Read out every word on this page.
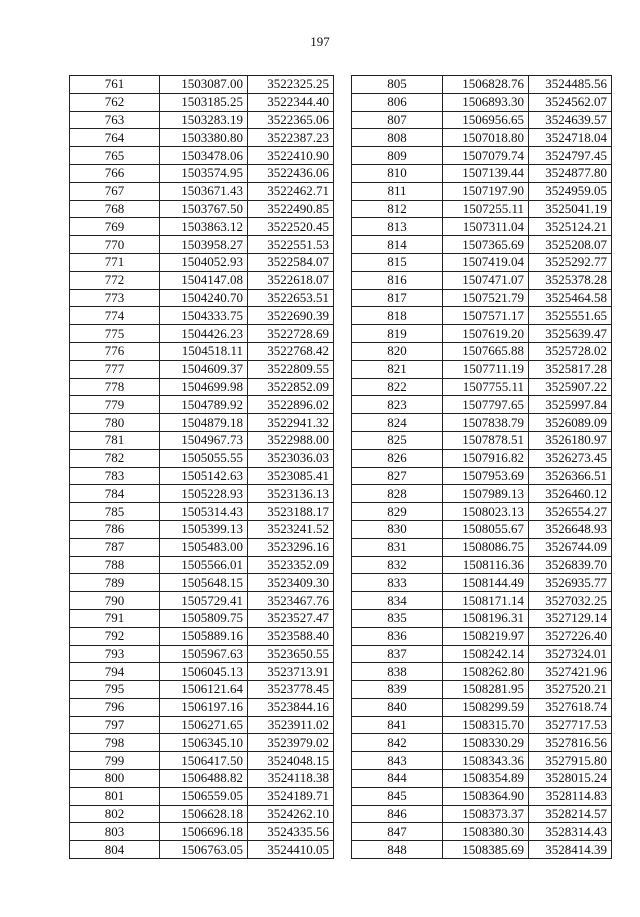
197
761	1503087.00	3522325.25
762	1503185.25	3522344.40
763	1503283.19	3522365.06
764	1503380.80	3522387.23
765	1503478.06	3522410.90
766	1503574.95	3522436.06
767	1503671.43	3522462.71
768	1503767.50	3522490.85
769	1503863.12	3522520.45
770	1503958.27	3522551.53
771	1504052.93	3522584.07
772	1504147.08	3522618.07
773	1504240.70	3522653.51
774	1504333.75	3522690.39
775	1504426.23	3522728.69
776	1504518.11	3522768.42
777	1504609.37	3522809.55
778	1504699.98	3522852.09
779	1504789.92	3522896.02
780	1504879.18	3522941.32
781	1504967.73	3522988.00
782	1505055.55	3523036.03
783	1505142.63	3523085.41
784	1505228.93	3523136.13
785	1505314.43	3523188.17
786	1505399.13	3523241.52
787	1505483.00	3523296.16
788	1505566.01	3523352.09
789	1505648.15	3523409.30
790	1505729.41	3523467.76
791	1505809.75	3523527.47
792	1505889.16	3523588.40
793	1505967.63	3523650.55
794	1506045.13	3523713.91
795	1506121.64	3523778.45
796	1506197.16	3523844.16
797	1506271.65	3523911.02
798	1506345.10	3523979.02
799	1506417.50	3524048.15
800	1506488.82	3524118.38
801	1506559.05	3524189.71
802	1506628.18	3524262.10
803	1506696.18	3524335.56
804	1506763.05	3524410.05
805	1506828.76	3524485.56
806	1506893.30	3524562.07
807	1506956.65	3524639.57
808	1507018.80	3524718.04
809	1507079.74	3524797.45
810	1507139.44	3524877.80
811	1507197.90	3524959.05
812	1507255.11	3525041.19
813	1507311.04	3525124.21
814	1507365.69	3525208.07
815	1507419.04	3525292.77
816	1507471.07	3525378.28
817	1507521.79	3525464.58
818	1507571.17	3525551.65
819	1507619.20	3525639.47
820	1507665.88	3525728.02
821	1507711.19	3525817.28
822	1507755.11	3525907.22
823	1507797.65	3525997.84
824	1507838.79	3526089.09
825	1507878.51	3526180.97
826	1507916.82	3526273.45
827	1507953.69	3526366.51
828	1507989.13	3526460.12
829	1508023.13	3526554.27
830	1508055.67	3526648.93
831	1508086.75	3526744.09
832	1508116.36	3526839.70
833	1508144.49	3526935.77
834	1508171.14	3527032.25
835	1508196.31	3527129.14
836	1508219.97	3527226.40
837	1508242.14	3527324.01
838	1508262.80	3527421.96
839	1508281.95	3527520.21
840	1508299.59	3527618.74
841	1508315.70	3527717.53
842	1508330.29	3527816.56
843	1508343.36	3527915.80
844	1508354.89	3528015.24
845	1508364.90	3528114.83
846	1508373.37	3528214.57
847	1508380.30	3528314.43
848	1508385.69	3528414.39
